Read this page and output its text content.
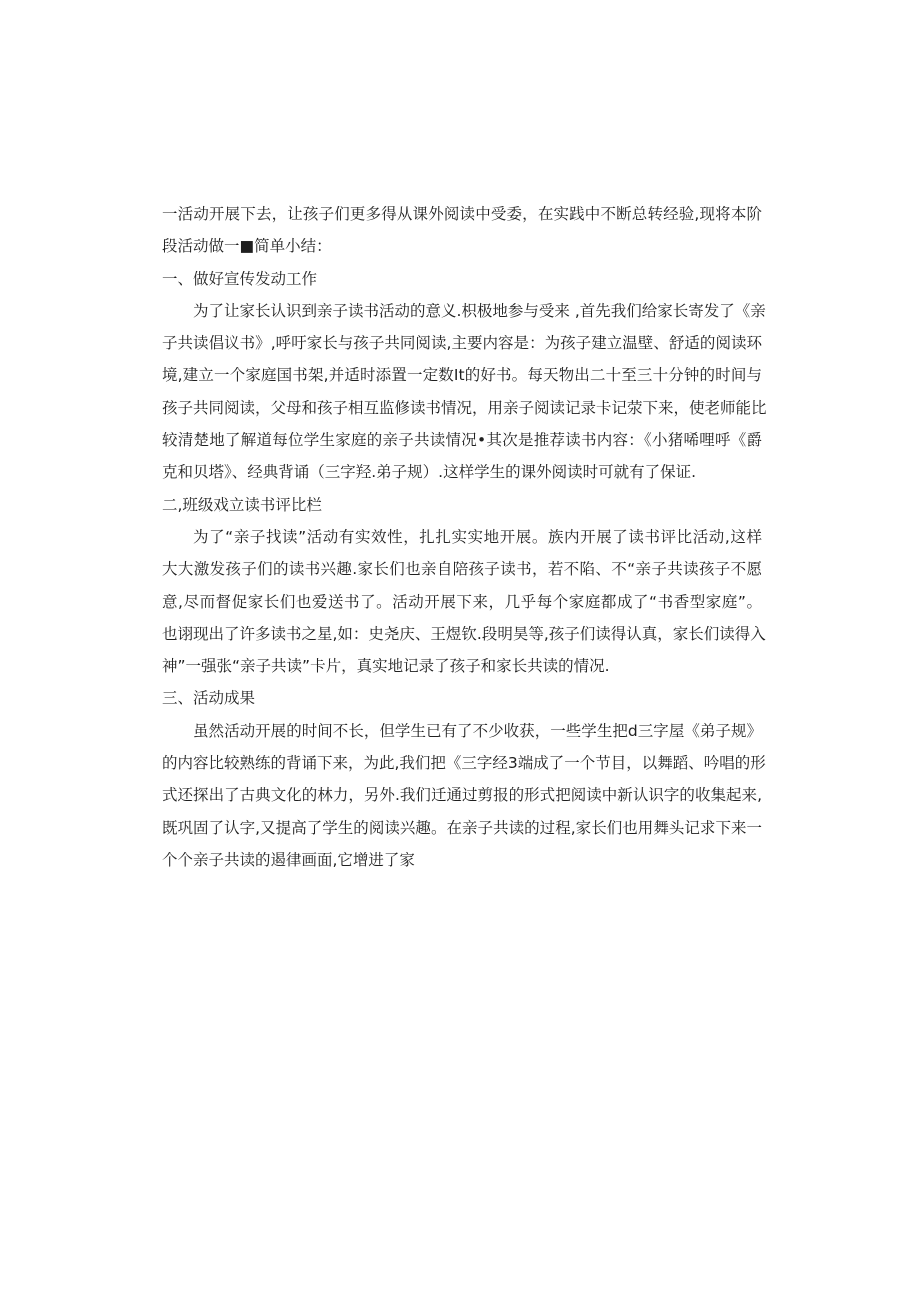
一活动开展下去，让孩子们更多得从课外阅读中受委，在实践中不断总转经验,现将本阶
段活动做一■简单小结：

一、做好宣传发动工作

为了让家长认识到亲子读书活动的意义.枳极地参与受来 ,首先我们给家长寄发了《亲
子共读倡议书》,呼吁家长与孩子共同阅读,主要内容是：为孩子建立温壁、舒适的阅读环
境,建立一个家庭国书架,并适时添置一定数It的好书。每天物出二十至三十分钟的时间与
孩子共同阅读，父母和孩子相互监修读书情况，用亲子阅读记录卡记荥下来，使老师能比
较清楚地了解道每位学生家庭的亲子共读情况•其次是推荐读书内容：《小猪唏哩呼《爵
克和贝塔》、经典背诵（三字羟.弟子规）.这样学生的课外阅读时可就有了保证.

二,班级戏立读书评比栏

为了“亲子找读”活动有实效性，扎扎实实地开展。族内开展了读书评比活动,这样
大大激发孩子们的读书兴趣.家长们也亲自陪孩子读书，若不陷、不“亲子共读孩子不愿
意,尽而督促家长们也爱送书了。活动开展下来，几乎每个家庭都成了“书香型家庭”。
也诩现出了许多读书之星,如：史尧庆、王煜钦.段明昊等,孩子们读得认真，家长们读得入
神”一强张“亲子共读”卡片，真实地记录了孩子和家长共读的情况.

三、活动成果

虽然活动开展的时间不长，但学生已有了不少收获，一些学生把d三字屋《弟子规》
的内容比较熟练的背诵下来，为此,我们把《三字经3端成了一个节目，以舞蹈、吟唱的形
式还探出了古典文化的林力，另外.我们迁通过剪报的形式把阅读中新认识字的收集起来,
既巩固了认字,又提高了学生的阅读兴趣。在亲子共读的过程,家长们也用舞头记求下来一
个个亲子共读的遏律画面,它增进了家
